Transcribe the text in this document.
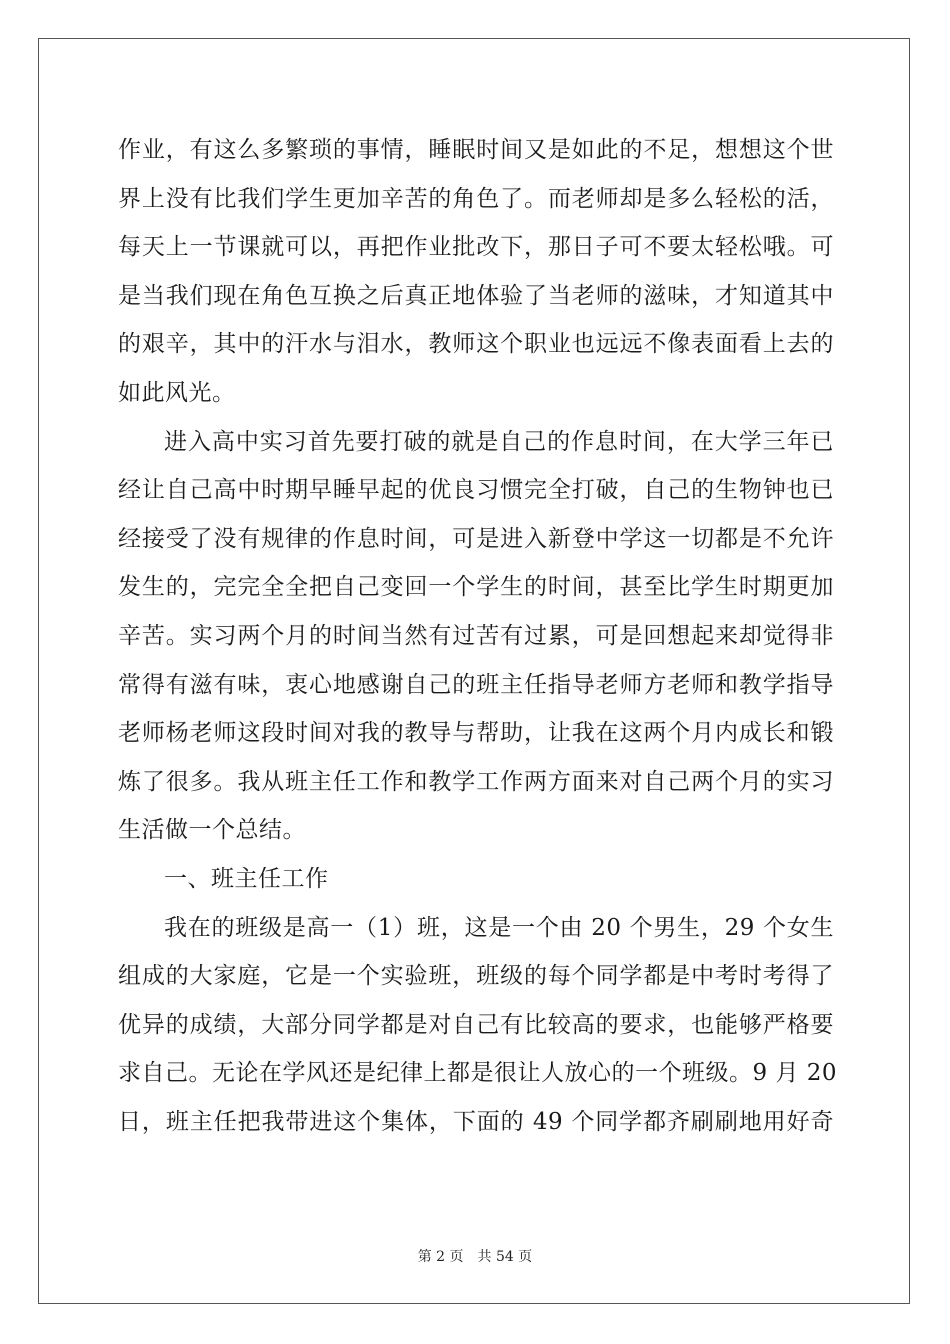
作业，有这么多繁琐的事情，睡眠时间又是如此的不足，想想这个世
界上没有比我们学生更加辛苦的角色了。而老师却是多么轻松的活，
每天上一节课就可以，再把作业批改下，那日子可不要太轻松哦。可
是当我们现在角色互换之后真正地体验了当老师的滋味，才知道其中
的艰辛，其中的汗水与泪水，教师这个职业也远远不像表面看上去的
如此风光。
进入高中实习首先要打破的就是自己的作息时间，在大学三年已
经让自己高中时期早睡早起的优良习惯完全打破，自己的生物钟也已
经接受了没有规律的作息时间，可是进入新登中学这一切都是不允许
发生的，完完全全把自己变回一个学生的时间，甚至比学生时期更加
辛苦。实习两个月的时间当然有过苦有过累，可是回想起来却觉得非
常得有滋有味，衷心地感谢自己的班主任指导老师方老师和教学指导
老师杨老师这段时间对我的教导与帮助，让我在这两个月内成长和锻
炼了很多。我从班主任工作和教学工作两方面来对自己两个月的实习
生活做一个总结。
一、班主任工作
我在的班级是高一（1）班，这是一个由 20 个男生，29 个女生
组成的大家庭，它是一个实验班，班级的每个同学都是中考时考得了
优异的成绩，大部分同学都是对自己有比较高的要求，也能够严格要
求自己。无论在学风还是纪律上都是很让人放心的一个班级。9 月 20
日，班主任把我带进这个集体，下面的 49 个同学都齐刷刷地用好奇
第 2 页　共 54 页
